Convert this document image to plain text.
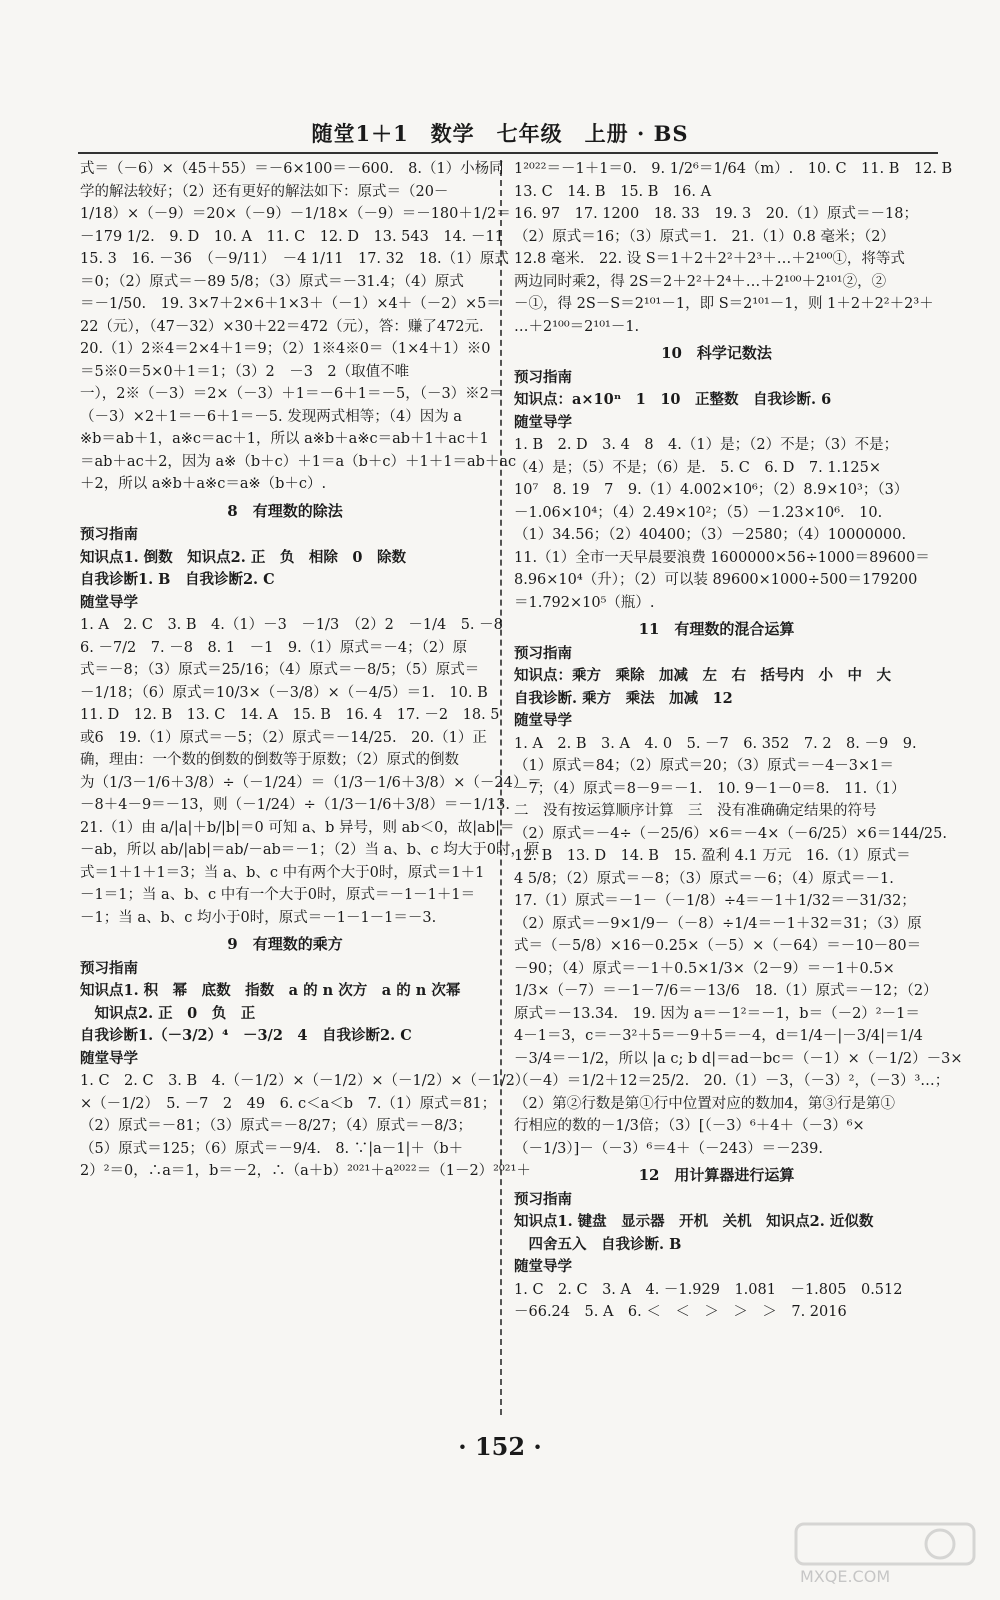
随堂1＋1　数学　七年级　上册 · BS
式＝（－6）×（45＋55）＝－6×100＝－600.　8.（1）小杨同
学的解法较好；（2）还有更好的解法如下：原式＝（20－
1/18）×（－9）＝20×（－9）－1/18×（－9）＝－180＋1/2＝
－179 1/2.　9. D　10. A　11. C　12. D　13. 543　14. －11
15. 3　16. －36　（－9/11）　－4 1/11　17. 32　18.（1）原式
＝0；（2）原式＝－89 5/8；（3）原式＝－31.4；（4）原式
＝－1/50.　19. 3×7＋2×6＋1×3＋（－1）×4＋（－2）×5＝
22（元），（47－32）×30＋22＝472（元），答：赚了472元.
20.（1）2※4＝2×4＋1＝9；（2）1※4※0＝（1×4＋1）※0
＝5※0＝5×0＋1＝1；（3）2　－3　2（取值不唯
一），2※（－3）＝2×（－3）＋1＝－6＋1＝－5，（－3）※2＝
（－3）×2＋1＝－6＋1＝－5. 发现两式相等；（4）因为 a
※b＝ab＋1，a※c＝ac＋1，所以 a※b＋a※c＝ab＋1＋ac＋1
＝ab＋ac＋2，因为 a※（b＋c）＋1＝a（b＋c）＋1＋1＝ab＋ac
＋2，所以 a※b＋a※c＝a※（b＋c）.
8　有理数的除法
预习指南
知识点1. 倒数　知识点2. 正　负　相除　0　除数
自我诊断1. B　自我诊断2. C
随堂导学
1. A　2. C　3. B　4.（1）－3　－1/3　（2）2　－1/4　5. －8
6. －7/2　7. －8　8. 1　－1　9.（1）原式＝－4；（2）原
式＝－8；（3）原式＝25/16；（4）原式＝－8/5；（5）原式＝
－1/18；（6）原式＝10/3×（－3/8）×（－4/5）＝1.　10. B
11. D　12. B　13. C　14. A　15. B　16. 4　17. －2　18. 5
或6　19.（1）原式＝－5；（2）原式＝－14/25.　20.（1）正
确，理由：一个数的倒数的倒数等于原数；（2）原式的倒数
为（1/3－1/6＋3/8）÷（－1/24）＝（1/3－1/6＋3/8）×（－24）＝
－8＋4－9＝－13，则（－1/24）÷（1/3－1/6＋3/8）＝－1/13.
21.（1）由 a/|a|＋b/|b|＝0 可知 a、b 异号，则 ab＜0，故|ab|＝
－ab，所以 ab/|ab|＝ab/－ab＝－1；（2）当 a、b、c 均大于0时，原
式＝1＋1＋1＝3；当 a、b、c 中有两个大于0时，原式＝1＋1
－1＝1；当 a、b、c 中有一个大于0时，原式＝－1－1＋1＝
－1；当 a、b、c 均小于0时，原式＝－1－1－1＝－3.
9　有理数的乘方
预习指南
知识点1. 积　幂　底数　指数　a 的 n 次方　a 的 n 次幂
　知识点2. 正　0　负　正
自我诊断1.（－3/2）⁴　－3/2　4　自我诊断2. C
随堂导学
1. C　2. C　3. B　4.（－1/2）×（－1/2）×（－1/2）×（－1/2）
×（－1/2）　5. －7　2　49　6. c＜a＜b　7.（1）原式＝81；
（2）原式＝－81；（3）原式＝－8/27；（4）原式＝－8/3；
（5）原式＝125；（6）原式＝－9/4.　8. ∵|a－1|＋（b＋
2）²＝0，∴a＝1，b＝－2，∴（a＋b）²⁰²¹＋a²⁰²²＝（1－2）²⁰²¹＋
1²⁰²²＝－1＋1＝0.　9. 1/2⁶＝1/64（m）.　10. C　11. B　12. B
13. C　14. B　15. B　16. A
16. 97　17. 1200　18. 33　19. 3　20.（1）原式＝－18；
（2）原式＝16；（3）原式＝1.　21.（1）0.8 毫米；（2）
12.8 毫米.　22. 设 S＝1＋2＋2²＋2³＋…＋2¹⁰⁰①，将等式
两边同时乘2，得 2S＝2＋2²＋2⁴＋…＋2¹⁰⁰＋2¹⁰¹②，②
－①，得 2S－S＝2¹⁰¹－1，即 S＝2¹⁰¹－1，则 1＋2＋2²＋2³＋
…＋2¹⁰⁰＝2¹⁰¹－1.
10　科学记数法
预习指南
知识点：a×10ⁿ　1　10　正整数　自我诊断. 6
随堂导学
1. B　2. D　3. 4　8　4.（1）是；（2）不是；（3）不是；
（4）是；（5）不是；（6）是.　5. C　6. D　7. 1.125×
10⁷　8. 19　7　9.（1）4.002×10⁶；（2）8.9×10³；（3）
－1.06×10⁴；（4）2.49×10²；（5）－1.23×10⁶.　10.
（1）34.56；（2）40400；（3）－2580；（4）10000000.
11.（1）全市一天早晨要浪费 1600000×56÷1000＝89600＝
8.96×10⁴（升）；（2）可以装 89600×1000÷500＝179200
＝1.792×10⁵（瓶）.
11　有理数的混合运算
预习指南
知识点：乘方　乘除　加减　左　右　括号内　小　中　大
自我诊断. 乘方　乘法　加减　12
随堂导学
1. A　2. B　3. A　4. 0　5. －7　6. 352　7. 2　8. －9　9.
（1）原式＝84；（2）原式＝20；（3）原式＝－4－3×1＝
－7；（4）原式＝8－9＝－1.　10. 9－1－0＝8.　11.（1）
二　没有按运算顺序计算　三　没有准确确定结果的符号
（2）原式＝－4÷（－25/6）×6＝－4×（－6/25）×6＝144/25.
12. B　13. D　14. B　15. 盈利 4.1 万元　16.（1）原式＝
4 5/8；（2）原式＝－8；（3）原式＝－6；（4）原式＝－1.
17.（1）原式＝－1－（－1/8）÷4＝－1＋1/32＝－31/32；
（2）原式＝－9×1/9－（－8）÷1/4＝－1＋32＝31；（3）原
式＝（－5/8）×16－0.25×（－5）×（－64）＝－10－80＝
－90；（4）原式＝－1＋0.5×1/3×（2－9）＝－1＋0.5×
1/3×（－7）＝－1－7/6＝－13/6　18.（1）原式＝－12；（2）
原式＝－13.34.　19. 因为 a＝－1²＝－1，b＝（－2）²－1＝
4－1＝3，c＝－3²＋5＝－9＋5＝－4，d＝1/4－|－3/4|＝1/4
－3/4＝－1/2，所以 |a c; b d|＝ad－bc＝（－1）×（－1/2）－3×
（－4）＝1/2＋12＝25/2.　20.（1）－3，（－3）²，（－3）³…；
（2）第②行数是第①行中位置对应的数加4，第③行是第①
行相应的数的－1/3倍；（3）[（－3）⁶＋4＋（－3）⁶×
（－1/3）]－（－3）⁶＝4＋（－243）＝－239.
12　用计算器进行运算
预习指南
知识点1. 键盘　显示器　开机　关机　知识点2. 近似数
　四舍五入　自我诊断. B
随堂导学
1. C　2. C　3. A　4. －1.929　1.081　－1.805　0.512
－66.24　5. A　6. ＜　＜　＞　＞　＞　7. 2016
· 152 ·
MXQE.COM
